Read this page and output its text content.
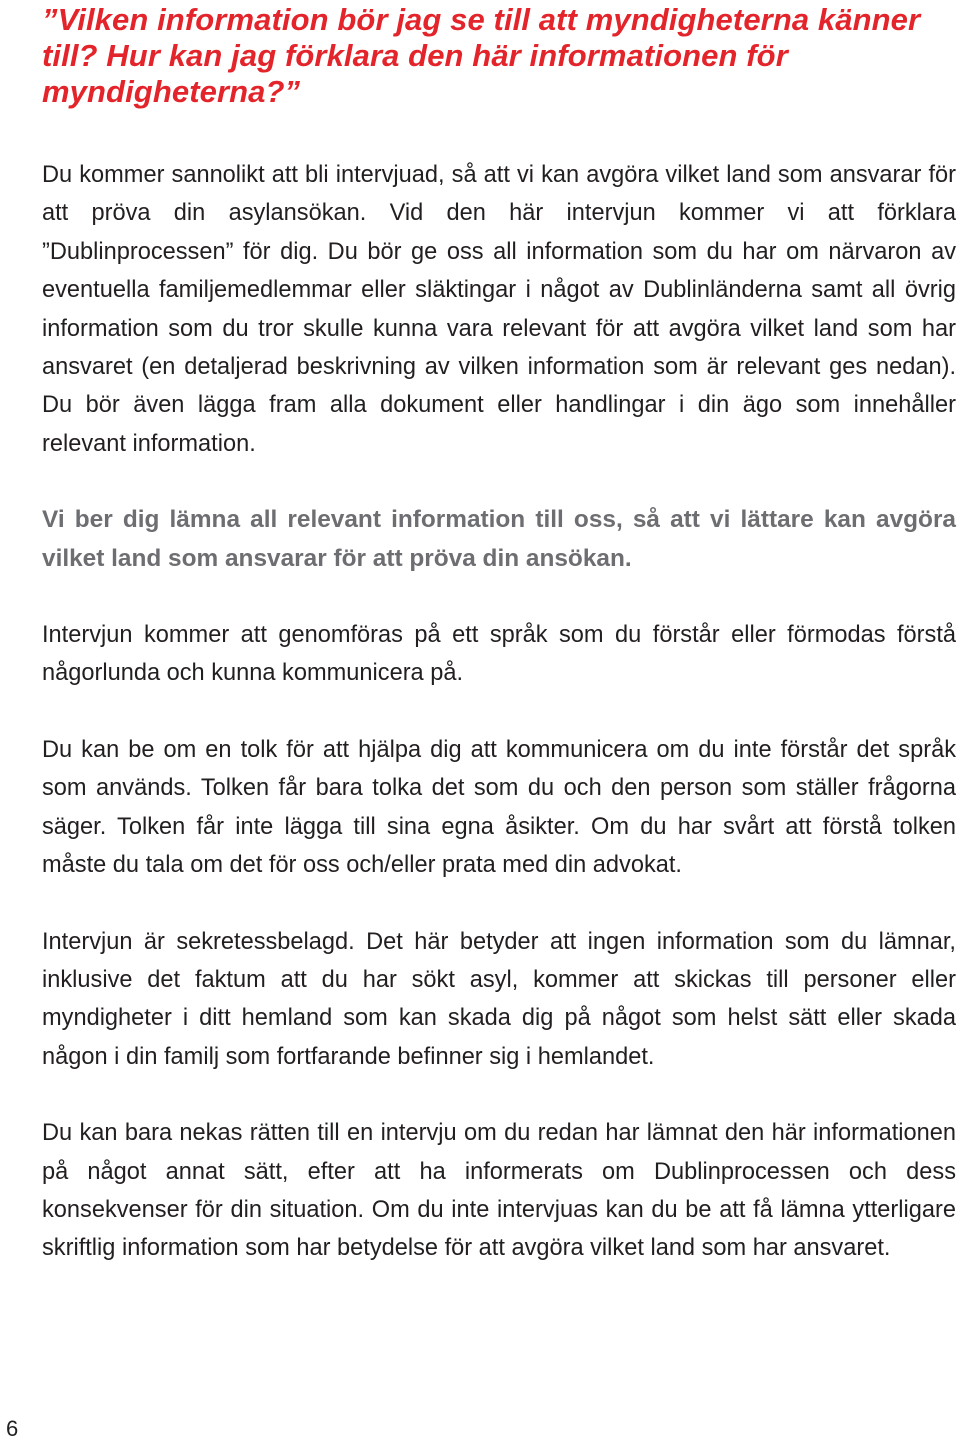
”Vilken information bör jag se till att myndigheterna känner till? Hur kan jag förklara den här informationen för myndigheterna?”

Du kommer sannolikt att bli intervjuad, så att vi kan avgöra vilket land som ansvarar för att pröva din asylansökan. Vid den här intervjun kommer vi att förklara ”Dublinprocessen” för dig. Du bör ge oss all information som du har om närvaron av eventuella familjemedlemmar eller släktingar i något av Dublinländerna samt all övrig information som du tror skulle kunna vara relevant för att avgöra vilket land som har ansvaret (en detaljerad beskrivning av vilken information som är relevant ges nedan). Du bör även lägga fram alla dokument eller handlingar i din ägo som innehåller relevant information.

Vi ber dig lämna all relevant information till oss, så att vi lättare kan avgöra vilket land som ansvarar för att pröva din ansökan.

Intervjun kommer att genomföras på ett språk som du förstår eller förmodas förstå någorlunda och kunna kommunicera på.

Du kan be om en tolk för att hjälpa dig att kommunicera om du inte förstår det språk som används. Tolken får bara tolka det som du och den person som ställer frågorna säger. Tolken får inte lägga till sina egna åsikter. Om du har svårt att förstå tolken måste du tala om det för oss och/eller prata med din advokat.

Intervjun är sekretessbelagd. Det här betyder att ingen information som du lämnar, inklusive det faktum att du har sökt asyl, kommer att skickas till personer eller myndigheter i ditt hemland som kan skada dig på något som helst sätt eller skada någon i din familj som fortfarande befinner sig i hemlandet.

Du kan bara nekas rätten till en intervju om du redan har lämnat den här informationen på något annat sätt, efter att ha informerats om Dublinprocessen och dess konsekvenser för din situation. Om du inte intervjuas kan du be att få lämna ytterligare skriftlig information som har betydelse för att avgöra vilket land som har ansvaret.

6
